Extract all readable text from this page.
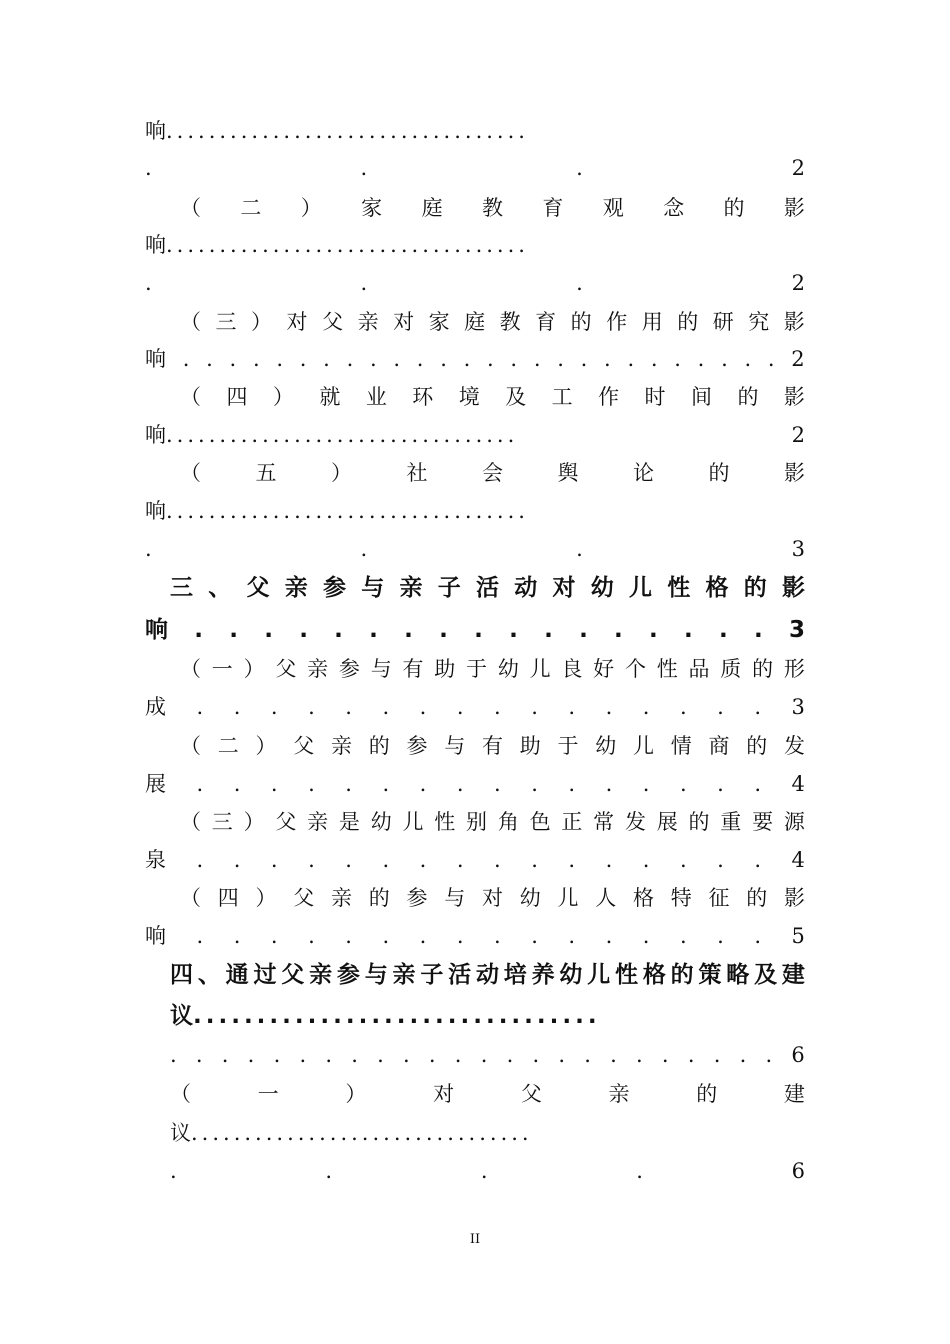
响 ..................................
.	.	.	2
（ 二 ） 家 庭 教 育 观 念 的 影
响 ..................................
.	.	.	2
（ 三 ） 对 父 亲 对 家 庭 教 育 的 作 用 的 研 究 影
响 . . . . . . . . . . . . . . . . . . . . . . . . . . 2
（ 四 ） 就 业 环 境 及 工 作 时 间 的 影
响 .................................	2
（	五	）	社	会	舆	论	的	影
响 ..................................
.	.	.	3
三 、 父 亲 参 与 亲 子 活 动 对 幼 儿 性 格 的 影
响 . . . . . . . . . . . . . . . . . 3
（ 一 ） 父 亲 参 与 有 助 于 幼 儿 良 好 个 性 品 质 的 形
成 . . . . . . . . . . . . . . . . 3
（ 二 ） 父 亲 的 参 与 有 助 于 幼 儿 情 商 的 发
展 . . . . . . . . . . . . . . . . 4
（ 三 ） 父 亲 是 幼 儿 性 别 角 色 正 常 发 展 的 重 要 源
泉 . . . . . . . . . . . . . . . . 4
（ 四 ） 父 亲 的 参 与 对 幼 儿 人 格 特 征 的 影
响 . . . . . . . . . . . . . . . . 5
四 、 通 过 父 亲 参 与 亲 子 活 动 培 养 幼 儿 性 格 的 策 略 及 建
议 ................................
. . . . . . . . . . . . . . . . . . . . . . . . 6
（	一	）	对	父	亲	的	建
议 ................................
.	.	.	.	6
II
